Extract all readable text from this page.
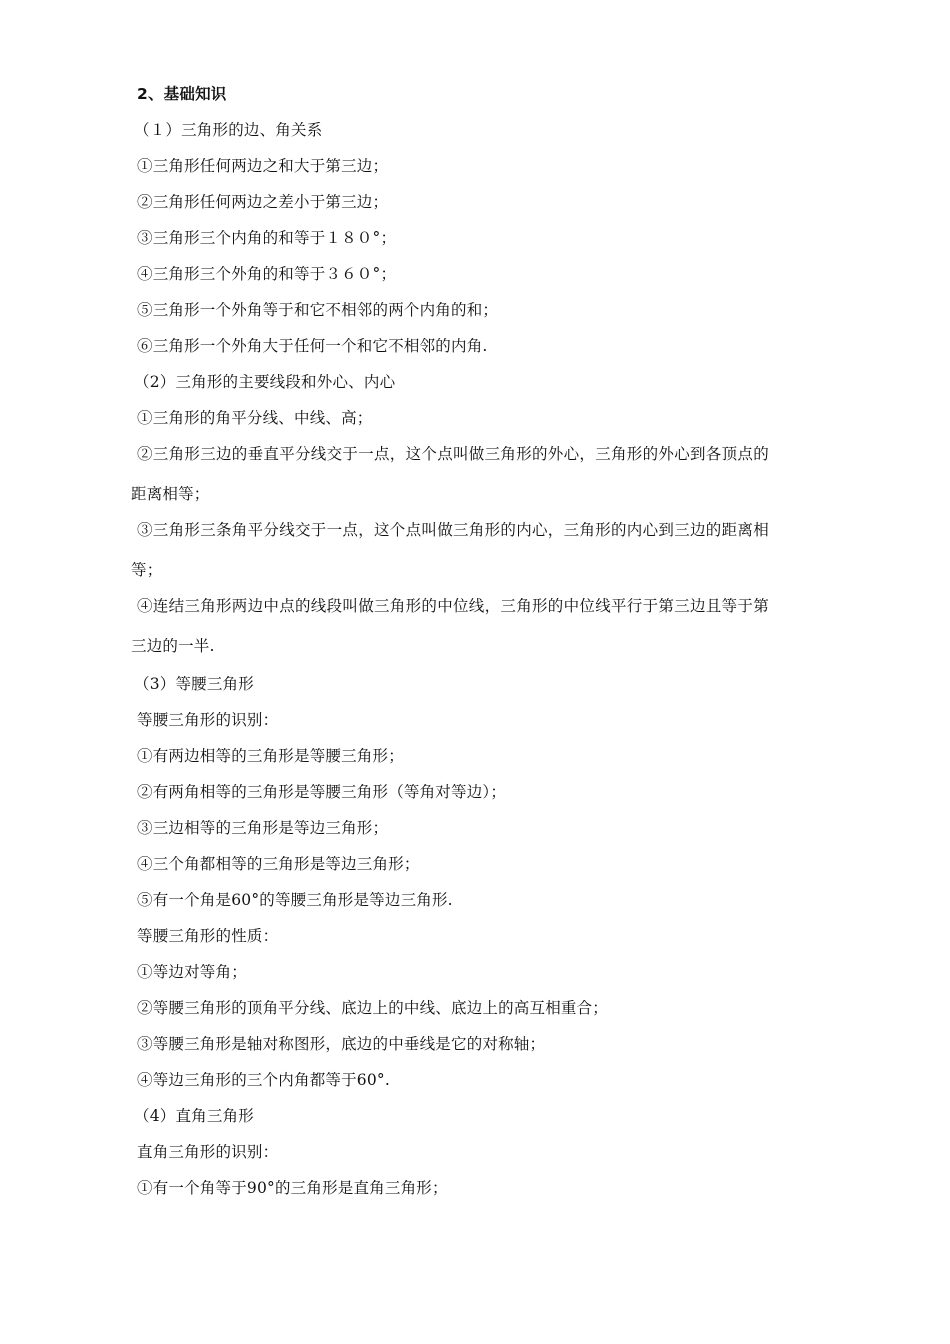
2、基础知识
（１）三角形的边、角关系
①三角形任何两边之和大于第三边；
②三角形任何两边之差小于第三边；
③三角形三个内角的和等于１８０°；
④三角形三个外角的和等于３６０°；
⑤三角形一个外角等于和它不相邻的两个内角的和；
⑥三角形一个外角大于任何一个和它不相邻的内角.
（2）三角形的主要线段和外心、内心
①三角形的角平分线、中线、高；
②三角形三边的垂直平分线交于一点，这个点叫做三角形的外心，三角形的外心到各顶点的
距离相等；
③三角形三条角平分线交于一点，这个点叫做三角形的内心，三角形的内心到三边的距离相
等；
④连结三角形两边中点的线段叫做三角形的中位线，三角形的中位线平行于第三边且等于第
三边的一半.
（3）等腰三角形
等腰三角形的识别：
①有两边相等的三角形是等腰三角形；
②有两角相等的三角形是等腰三角形（等角对等边）；
③三边相等的三角形是等边三角形；
④三个角都相等的三角形是等边三角形；
⑤有一个角是60°的等腰三角形是等边三角形.
等腰三角形的性质：
①等边对等角；
②等腰三角形的顶角平分线、底边上的中线、底边上的高互相重合；
③等腰三角形是轴对称图形，底边的中垂线是它的对称轴；
④等边三角形的三个内角都等于60°.
（4）直角三角形
直角三角形的识别：
①有一个角等于90°的三角形是直角三角形；
